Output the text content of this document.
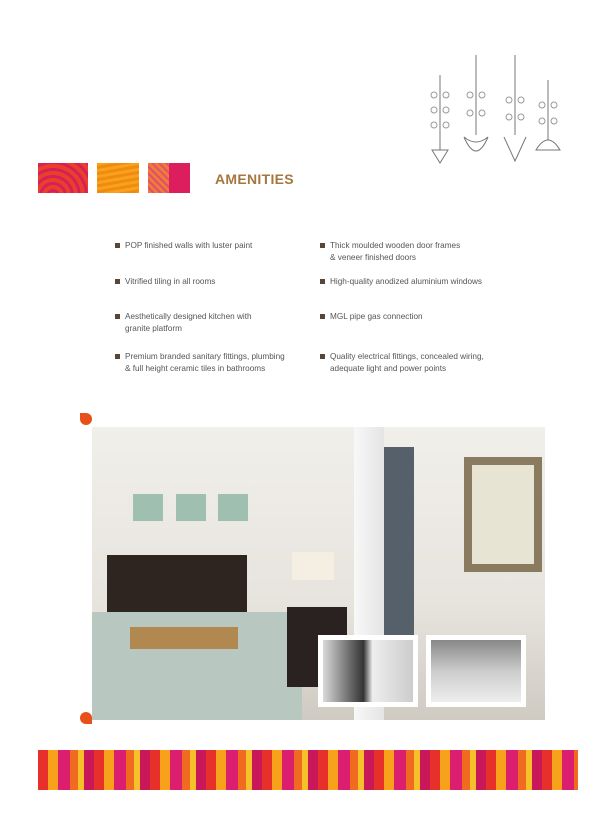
AMENITIES
POP finished walls with luster paint
Vitrified tiling in all rooms
Aesthetically designed kitchen with
granite platform
Premium branded sanitary fittings, plumbing
& full height ceramic tiles in bathrooms
Thick moulded wooden door frames
& veneer finished doors
High-quality anodized aluminium windows
MGL pipe gas connection
Quality electrical fittings, concealed wiring,
adequate light and power points
